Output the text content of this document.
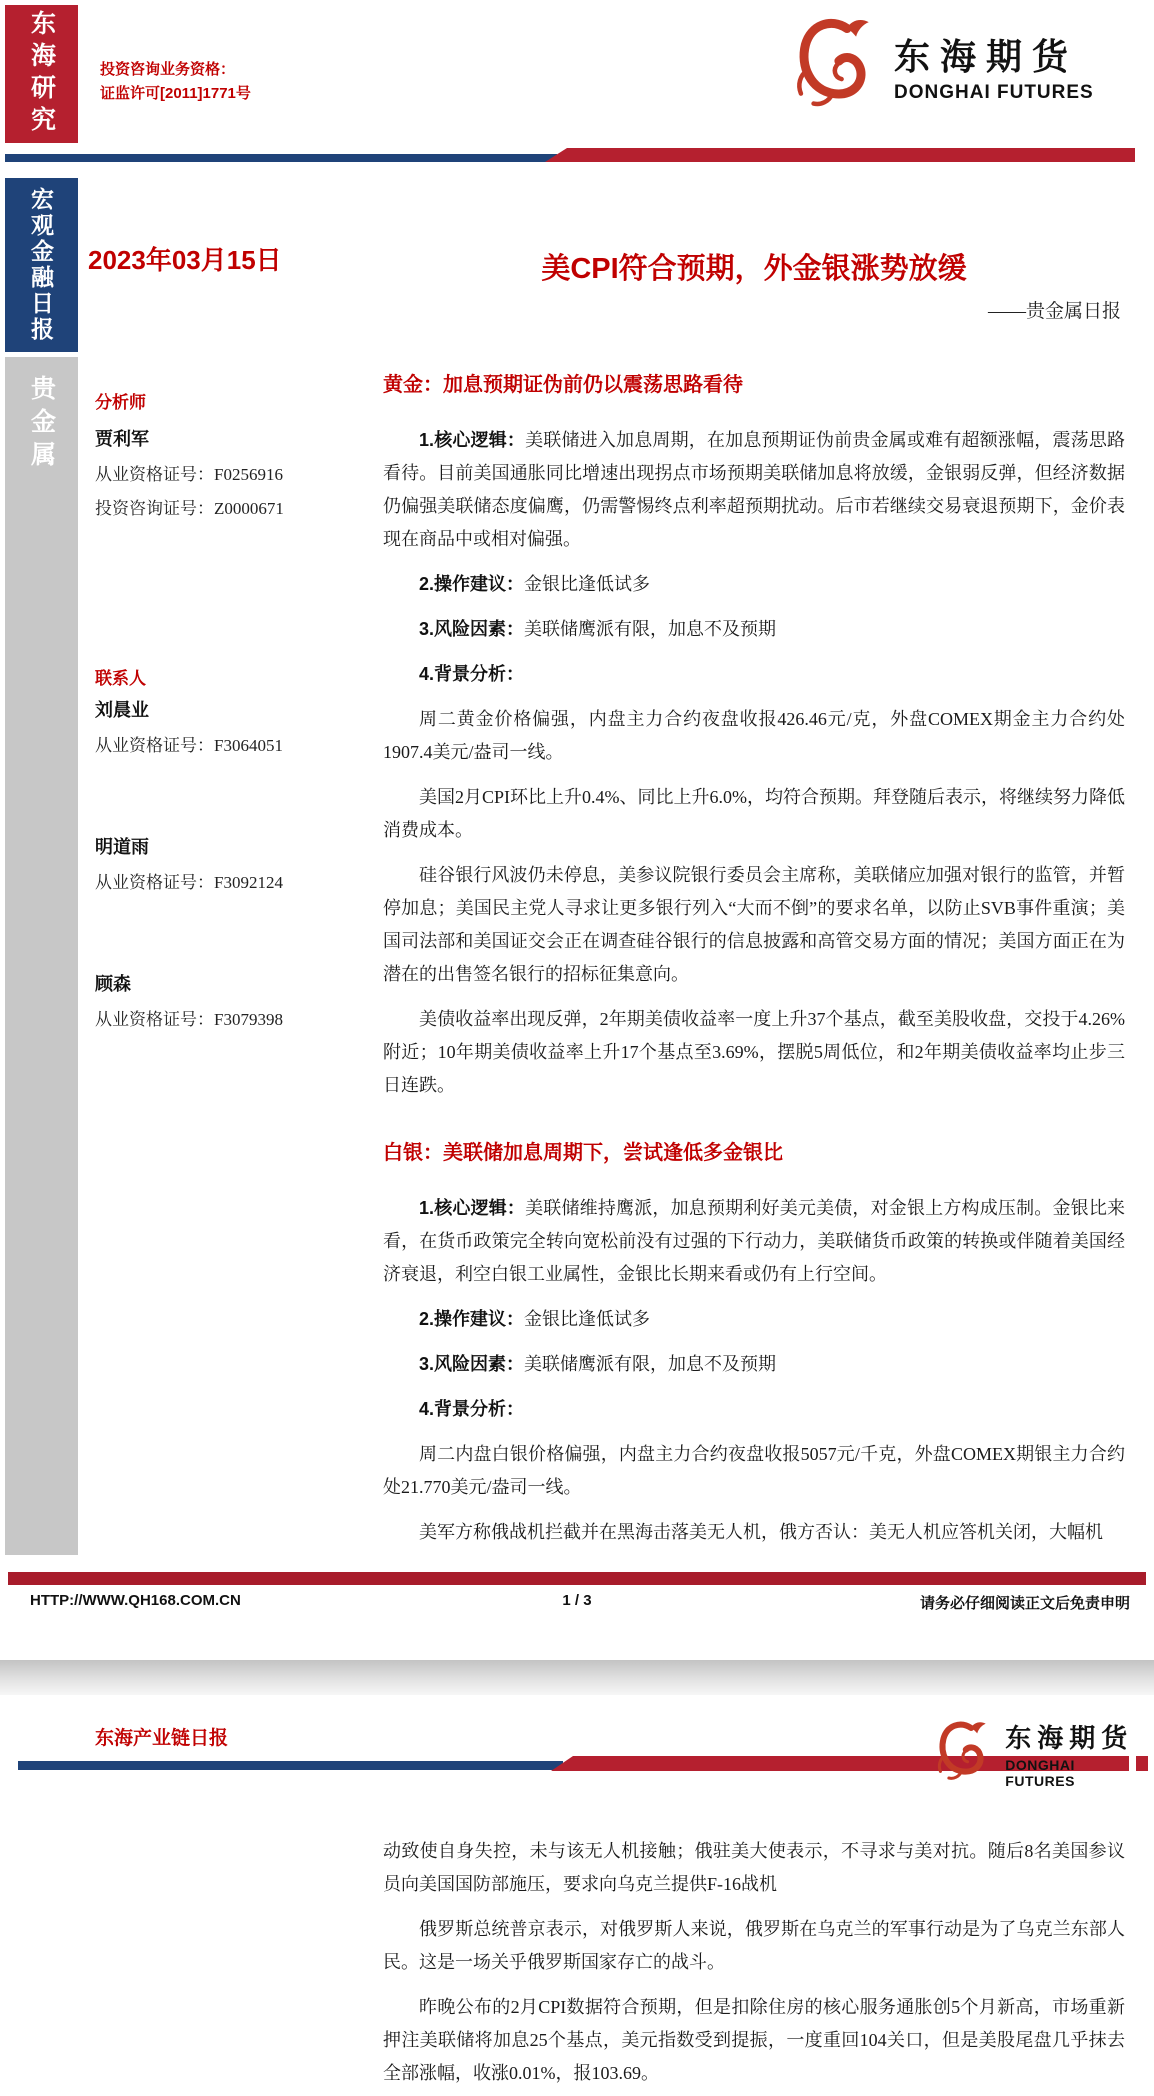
东海研究	投资咨询业务资格：
证监许可[2011]1771号
东海期货
DONGHAI FUTURES
宏观金融日报
贵金属
2023年03月15日	美CPI符合预期，外金银涨势放缓
——贵金属日报
分析师
贾利军
从业资格证号：F0256916
投资咨询证号：Z0000671
联系人
刘晨业
从业资格证号：F3064051
明道雨
从业资格证号：F3092124
顾森
从业资格证号：F3079398
黄金：加息预期证伪前仍以震荡思路看待

1.核心逻辑：美联储进入加息周期，在加息预期证伪前贵金属或难有超额涨幅，震荡思路看待。目前美国通胀同比增速出现拐点市场预期美联储加息将放缓，金银弱反弹，但经济数据仍偏强美联储态度偏鹰，仍需警惕终点利率超预期扰动。后市若继续交易衰退预期下，金价表现在商品中或相对偏强。

2.操作建议：金银比逢低试多

3.风险因素：美联储鹰派有限，加息不及预期

4.背景分析：

周二黄金价格偏强，内盘主力合约夜盘收报426.46元/克，外盘COMEX期金主力合约处1907.4美元/盎司一线。

美国2月CPI环比上升0.4%、同比上升6.0%，均符合预期。拜登随后表示，将继续努力降低消费成本。

硅谷银行风波仍未停息，美参议院银行委员会主席称，美联储应加强对银行的监管，并暂停加息；美国民主党人寻求让更多银行列入“大而不倒”的要求名单，以防止SVB事件重演；美国司法部和美国证交会正在调查硅谷银行的信息披露和高管交易方面的情况；美国方面正在为潜在的出售签名银行的招标征集意向。

美债收益率出现反弹，2年期美债收益率一度上升37个基点，截至美股收盘，交投于4.26%附近；10年期美债收益率上升17个基点至3.69%，摆脱5周低位，和2年期美债收益率均止步三日连跌。

白银：美联储加息周期下，尝试逢低多金银比

1.核心逻辑：美联储维持鹰派，加息预期利好美元美债，对金银上方构成压制。金银比来看，在货币政策完全转向宽松前没有过强的下行动力，美联储货币政策的转换或伴随着美国经济衰退，利空白银工业属性，金银比长期来看或仍有上行空间。

2.操作建议：金银比逢低试多

3.风险因素：美联储鹰派有限，加息不及预期

4.背景分析：

周二内盘白银价格偏强，内盘主力合约夜盘收报5057元/千克，外盘COMEX期银主力合约处21.770美元/盎司一线。

美军方称俄战机拦截并在黑海击落美无人机，俄方否认：美无人机应答机关闭，大幅机

HTTP://WWW.QH168.COM.CN	1 / 3	请务必仔细阅读正文后免责申明
东海产业链日报	东海期货
DONGHAI FUTURES

动致使自身失控，未与该无人机接触；俄驻美大使表示，不寻求与美对抗。随后8名美国参议员向美国国防部施压，要求向乌克兰提供F-16战机

俄罗斯总统普京表示，对俄罗斯人来说，俄罗斯在乌克兰的军事行动是为了乌克兰东部人民。这是一场关乎俄罗斯国家存亡的战斗。

昨晚公布的2月CPI数据符合预期，但是扣除住房的核心服务通胀创5个月新高，市场重新押注美联储将加息25个基点，美元指数受到提振，一度重回104关口，但是美股尾盘几乎抹去全部涨幅，收涨0.01%，报103.69。
